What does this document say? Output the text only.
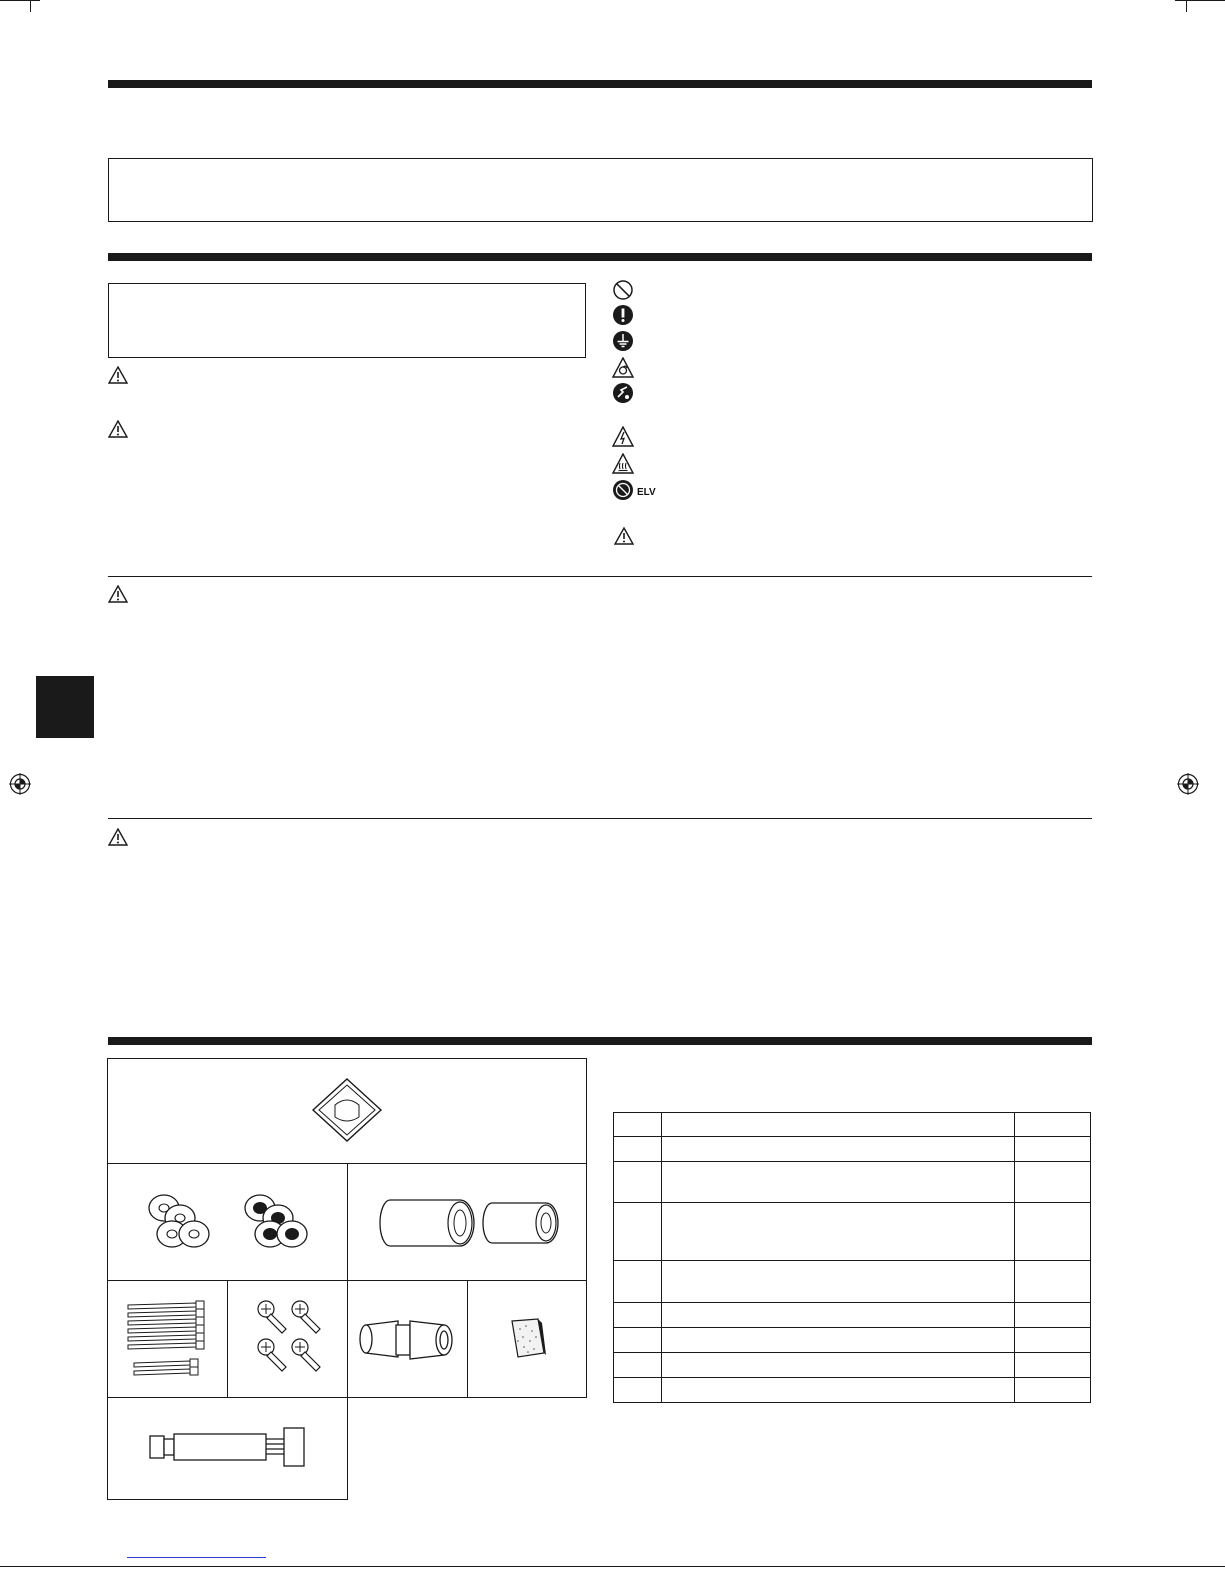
ELV
